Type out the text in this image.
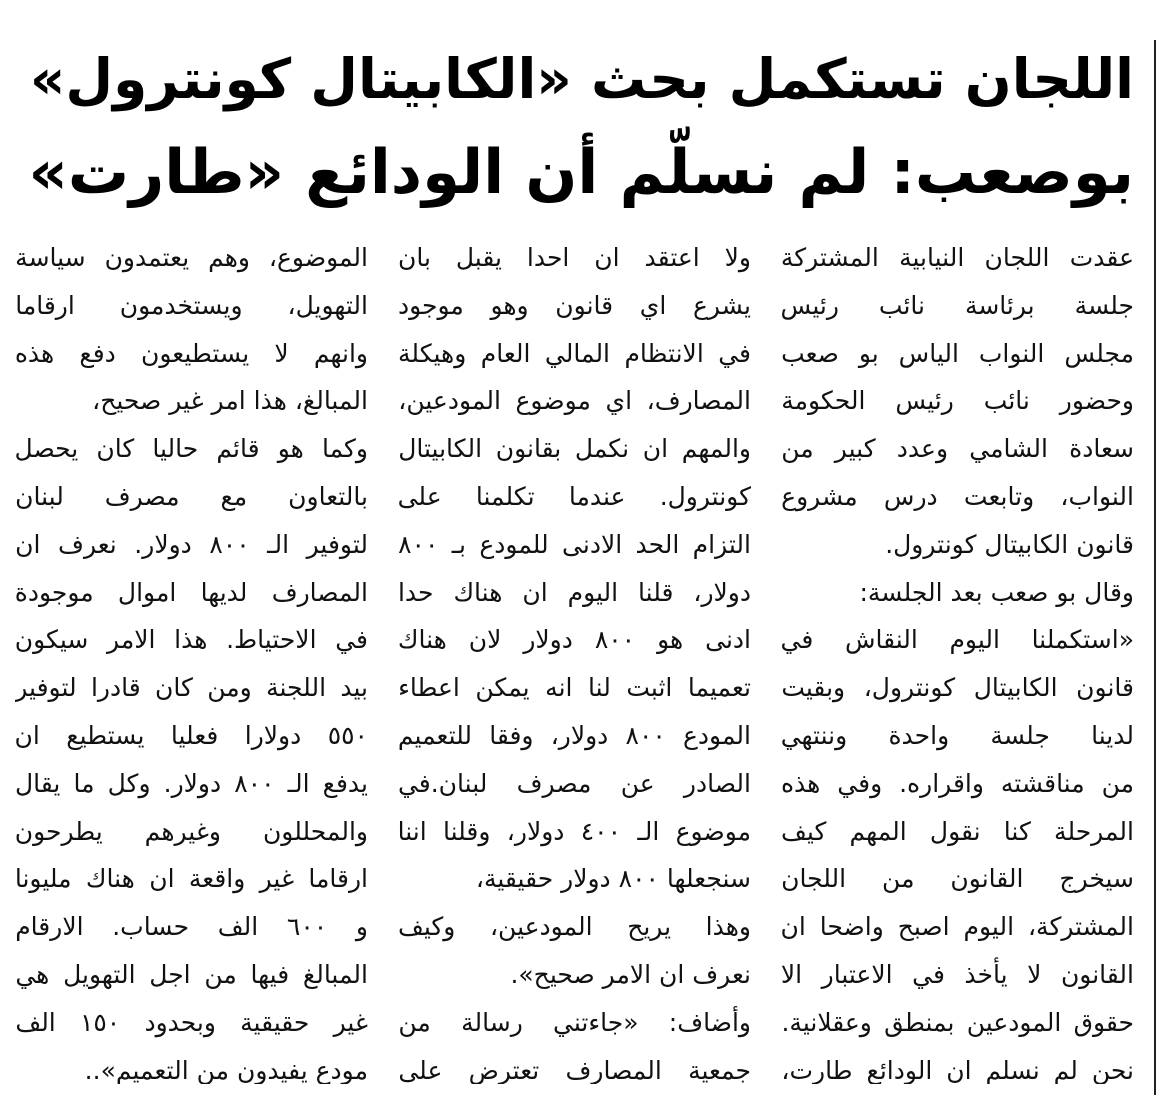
اللجان تستكمل بحث «الكابيتال كونترول»
بوصعب: لم نسلّم أن الودائع «طارت»
عقدت اللجان النيابية المشتركة
جلسة برئاسة نائب رئيس
مجلس النواب الياس بو صعب
وحضور نائب رئيس الحكومة
سعادة الشامي وعدد كبير من
النواب، وتابعت درس مشروع
قانون الكابيتال كونترول.
وقال بو صعب بعد الجلسة:
«استكملنا اليوم النقاش في
قانون الكابيتال كونترول، وبقيت
لدينا جلسة واحدة وننتهي
من مناقشته واقراره. وفي هذه
المرحلة كنا نقول المهم كيف
سيخرج القانون من اللجان
المشتركة، اليوم اصبح واضحا ان
القانون لا يأخذ في الاعتبار الا
حقوق المودعين بمنطق وعقلانية.
نحن لم نسلم ان الودائع طارت،
ولا اعتقد ان احدا يقبل بان
يشرع اي قانون وهو موجود
في الانتظام المالي العام وهيكلة
المصارف، اي موضوع المودعين،
والمهم ان نكمل بقانون الكابيتال
كونترول. عندما تكلمنا على
التزام الحد الادنى للمودع بـ ٨٠٠
دولار، قلنا اليوم ان هناك حدا
ادنى هو ٨٠٠ دولار لان هناك
تعميما اثبت لنا انه يمكن اعطاء
المودع ٨٠٠ دولار، وفقا للتعميم
الصادر عن مصرف لبنان.في
موضوع الـ ٤٠٠ دولار، وقلنا اننا
سنجعلها ٨٠٠ دولار حقيقية،
وهذا يريح المودعين، وكيف
نعرف ان الامر صحيح».
وأضاف: «جاءتني رسالة من
جمعية المصارف تعترض على
الموضوع، وهم يعتمدون سياسة
التهويل، ويستخدمون ارقاما
وانهم لا يستطيعون دفع هذه
المبالغ، هذا امر غير صحيح،
وكما هو قائم حاليا كان يحصل
بالتعاون مع مصرف لبنان
لتوفير الـ ٨٠٠ دولار. نعرف ان
المصارف لديها اموال موجودة
في الاحتياط. هذا الامر سيكون
بيد اللجنة ومن كان قادرا لتوفير
٥٥٠ دولارا فعليا يستطيع ان
يدفع الـ ٨٠٠ دولار. وكل ما يقال
والمحللون وغيرهم يطرحون
ارقاما غير واقعة ان هناك مليونا
و ٦٠٠ الف حساب. الارقام
المبالغ فيها من اجل التهويل هي
غير حقيقية وبحدود ١٥٠ الف
مودع يفيدون من التعميم»..
